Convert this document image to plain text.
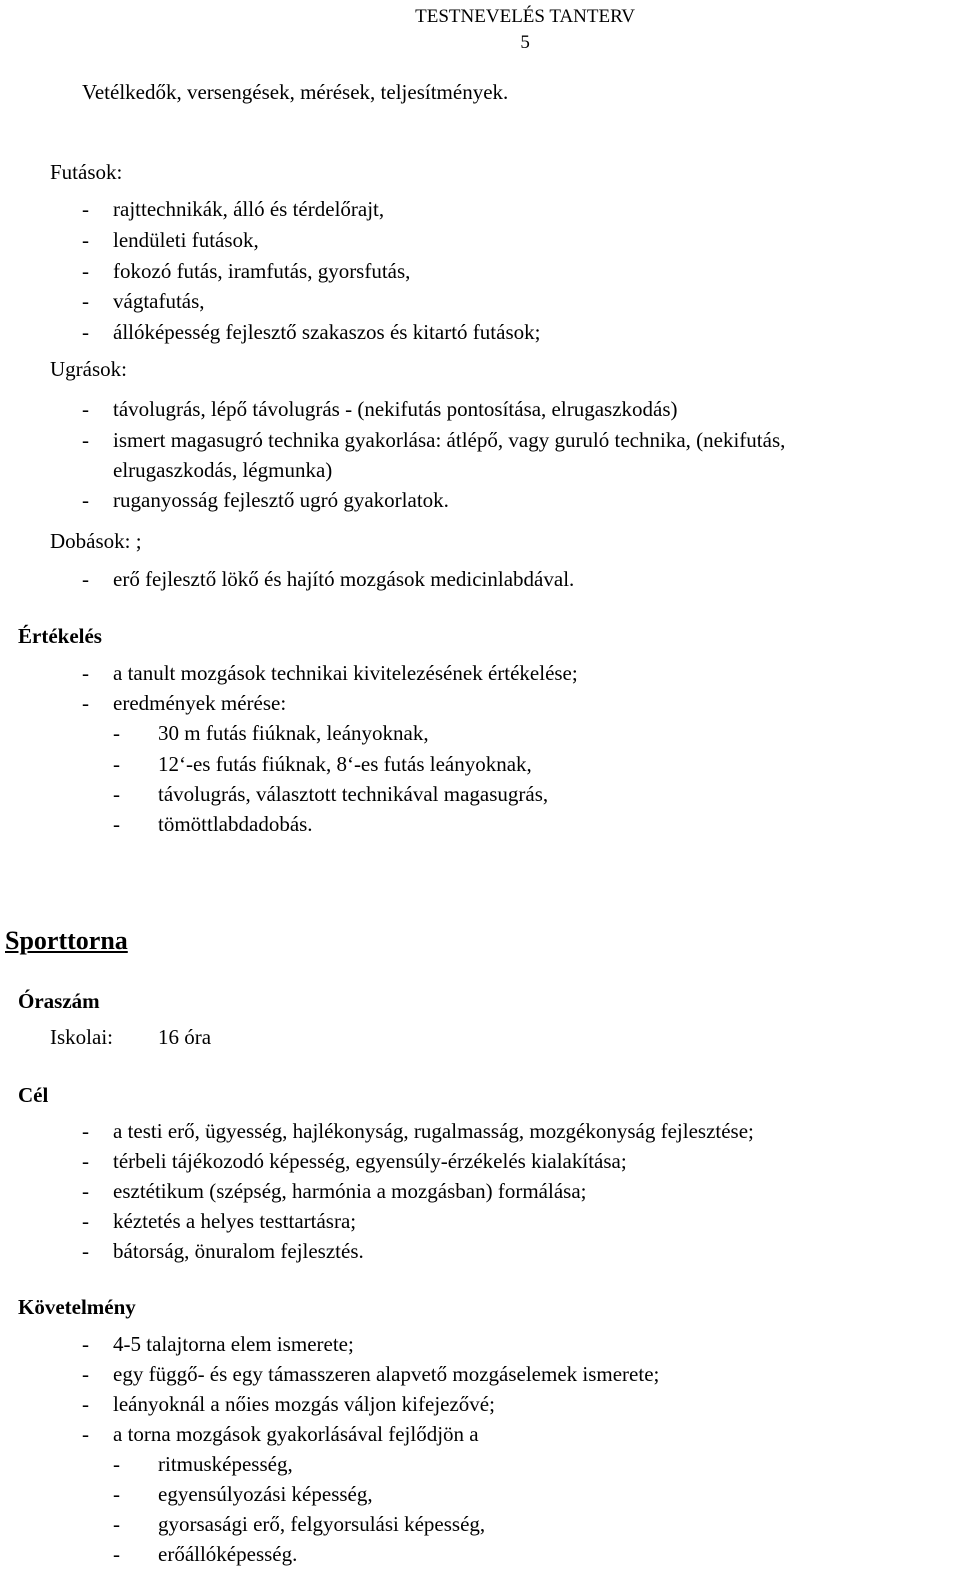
TESTNEVELÉS TANTERV
5
Vetélkedők, versengések, mérések, teljesítmények.
Futások:
- rajttechnikák, álló és térdelőrajt,
- lendületi futások,
- fokozó futás, iramfutás, gyorsfutás,
- vágtafutás,
- állóképesség fejlesztő szakaszos és kitartó futások;
Ugrások:
- távolugrás, lépő távolugrás - (nekifutás pontosítása, elrugaszkodás)
- ismert magasugró technika gyakorlása: átlépő, vagy guruló technika, (nekifutás,
elrugaszkodás, légmunka)
- ruganyosság fejlesztő ugró gyakorlatok.
Dobások: ;
- erő fejlesztő lökő és hajító mozgások medicinlabdával.
Értékelés
- a tanult mozgások technikai kivitelezésének értékelése;
- eredmények mérése:
- 30 m futás fiúknak, leányoknak,
- 12‘-es futás fiúknak, 8‘-es futás leányoknak,
- távolugrás, választott technikával magasugrás,
- tömöttlabdadobás.
Sporttorna
Óraszám
Iskolai: 16 óra
Cél
- a testi erő, ügyesség, hajlékonyság, rugalmasság, mozgékonyság fejlesztése;
- térbeli tájékozodó képesség, egyensúly-érzékelés kialakítása;
- esztétikum (szépség, harmónia a mozgásban) formálása;
- kéztetés a helyes testtartásra;
- bátorság, önuralom fejlesztés.
Követelmény
- 4-5 talajtorna elem ismerete;
- egy függő- és egy támasszeren alapvető mozgáselemek ismerete;
- leányoknál a nőies mozgás váljon kifejezővé;
- a torna mozgások gyakorlásával fejlődjön a
- ritmusképesség,
- egyensúlyozási képesség,
- gyorsasági erő, felgyorsulási képesség,
- erőállóképesség.
